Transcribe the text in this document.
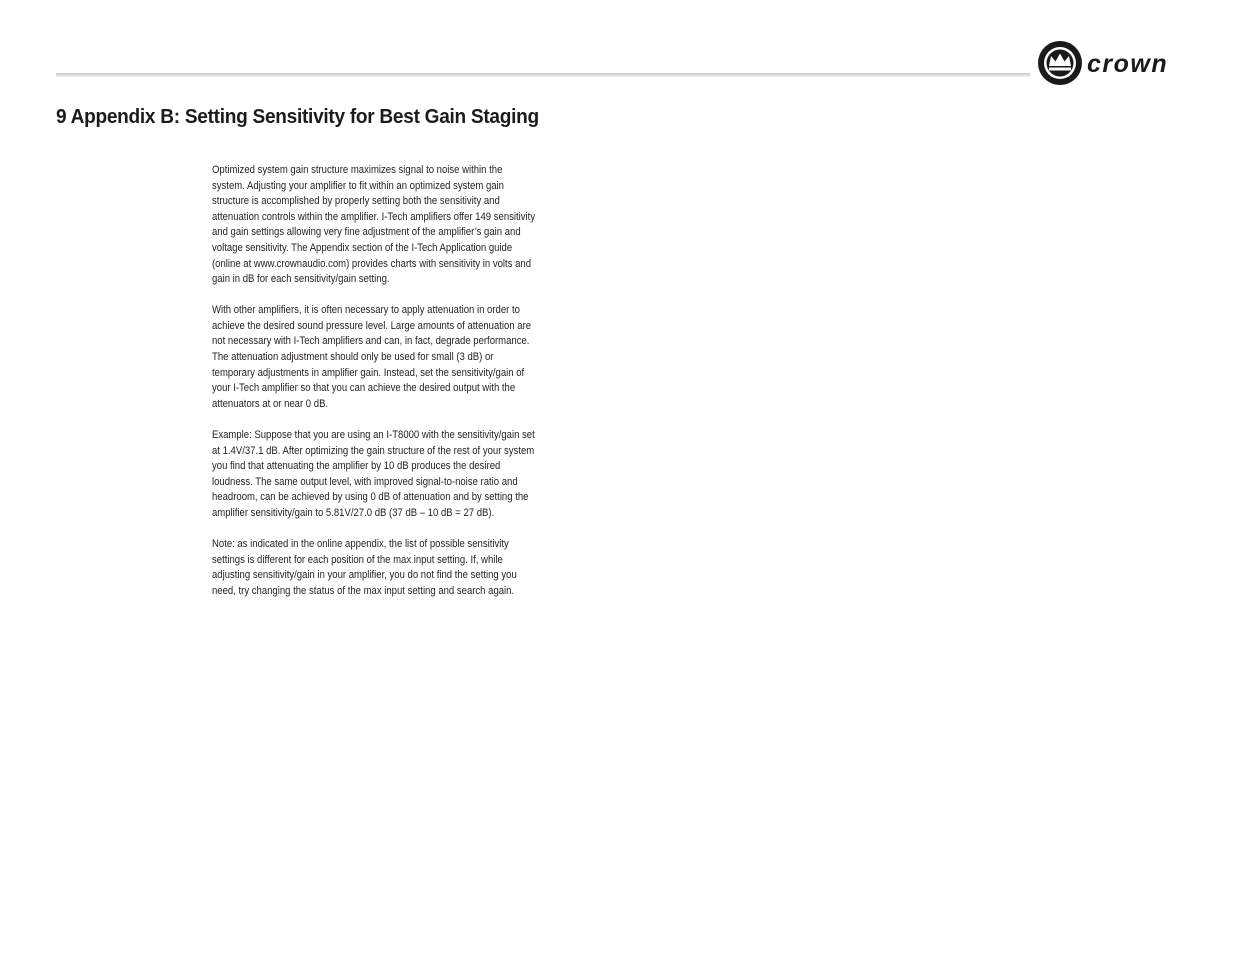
crown
9 Appendix B: Setting Sensitivity for Best Gain Staging

Optimized system gain structure maximizes signal to noise within the system. Adjusting your amplifier to fit within an optimized system gain structure is accomplished by properly setting both the sensitivity and attenuation controls within the amplifier. I-Tech amplifiers offer 149 sensitivity and gain settings allowing very fine adjustment of the amplifier’s gain and voltage sensitivity. The Appendix section of the I-Tech Application guide (online at www.crownaudio.com) provides charts with sensitivity in volts and gain in dB for each sensitivity/gain setting.

With other amplifiers, it is often necessary to apply attenuation in order to achieve the desired sound pressure level. Large amounts of attenuation are not necessary with I-Tech amplifiers and can, in fact, degrade performance. The attenuation adjustment should only be used for small (3 dB) or temporary adjustments in amplifier gain. Instead, set the sensitivity/gain of your I-Tech amplifier so that you can achieve the desired output with the attenuators at or near 0 dB.

Example: Suppose that you are using an I-T8000 with the sensitivity/gain set at 1.4V/37.1 dB. After optimizing the gain structure of the rest of your system you find that attenuating the amplifier by 10 dB produces the desired loudness. The same output level, with improved signal-to-noise ratio and headroom, can be achieved by using 0 dB of attenuation and by setting the amplifier sensitivity/gain to 5.81V/27.0 dB (37 dB – 10 dB = 27 dB).

Note: as indicated in the online appendix, the list of possible sensitivity settings is different for each position of the max input setting. If, while adjusting sensitivity/gain in your amplifier, you do not find the setting you need, try changing the status of the max input setting and search again.
